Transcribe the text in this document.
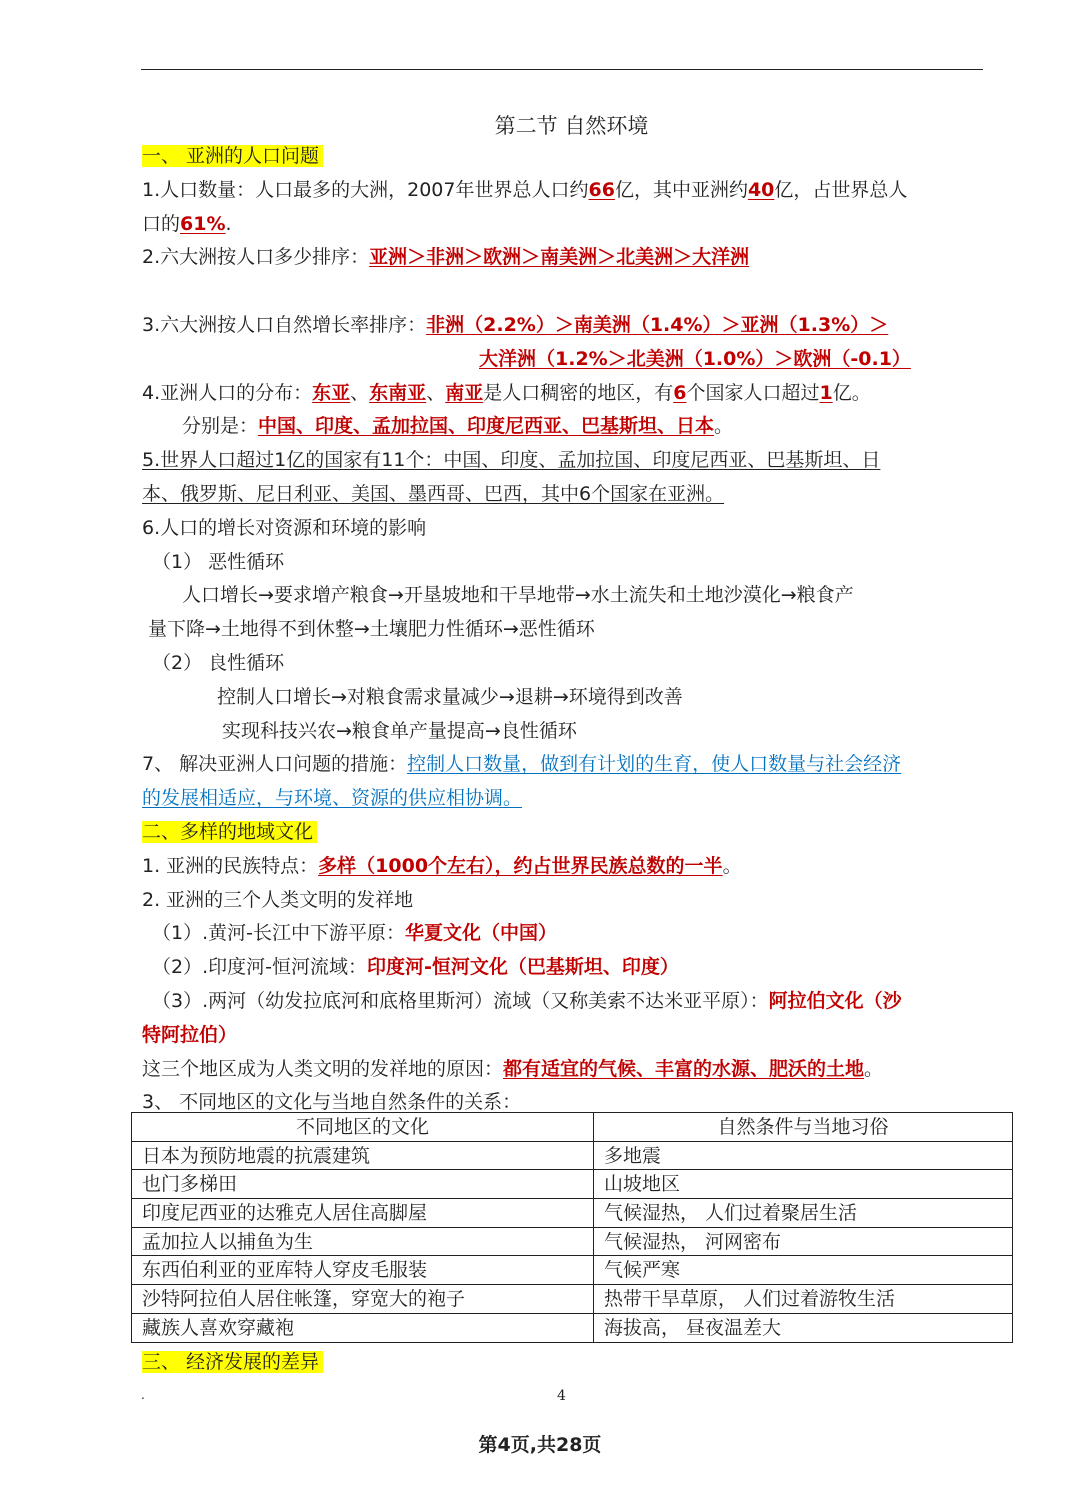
第二节 自然环境
一、 亚洲的人口问题
1.人口数量：人口最多的大洲，2007年世界总人口约66亿，其中亚洲约40亿，占世界总人
口的61%.
2.六大洲按人口多少排序：亚洲＞非洲＞欧洲＞南美洲＞北美洲＞大洋洲
3.六大洲按人口自然增长率排序：非洲（2.2%）＞南美洲（1.4%）＞亚洲（1.3%）＞
大洋洲（1.2%＞北美洲（1.0%）＞欧洲（-0.1）
4.亚洲人口的分布：东亚、东南亚、南亚是人口稠密的地区，有6个国家人口超过1亿。
分别是：中国、印度、孟加拉国、印度尼西亚、巴基斯坦、日本。
5.世界人口超过1亿的国家有11个：中国、印度、孟加拉国、印度尼西亚、巴基斯坦、日
本、俄罗斯、尼日利亚、美国、墨西哥、巴西，其中6个国家在亚洲。
6.人口的增长对资源和环境的影响
（1） 恶性循环
人口增长→要求增产粮食→开垦坡地和干旱地带→水土流失和土地沙漠化→粮食产
量下降→土地得不到休整→土壤肥力性循环→恶性循环
（2） 良性循环
控制人口增长→对粮食需求量减少→退耕→环境得到改善
实现科技兴农→粮食单产量提高→良性循环
7、 解决亚洲人口问题的措施：控制人口数量，做到有计划的生育，使人口数量与社会经济
的发展相适应，与环境、资源的供应相协调。
二、多样的地域文化
1. 亚洲的民族特点：多样（1000个左右），约占世界民族总数的一半。
2. 亚洲的三个人类文明的发祥地
（1）.黄河-长江中下游平原：华夏文化（中国）
（2）.印度河-恒河流域：印度河-恒河文化（巴基斯坦、印度）
（3）.两河（幼发拉底河和底格里斯河）流域（又称美索不达米亚平原）：阿拉伯文化（沙
特阿拉伯）
这三个地区成为人类文明的发祥地的原因：都有适宜的气候、丰富的水源、肥沃的土地。
3、 不同地区的文化与当地自然条件的关系：
不同地区的文化	自然条件与当地习俗
日本为预防地震的抗震建筑	多地震
也门多梯田	山坡地区
印度尼西亚的达雅克人居住高脚屋	气候湿热， 人们过着聚居生活
孟加拉人以捕鱼为生	气候湿热， 河网密布
东西伯利亚的亚库特人穿皮毛服装	气候严寒
沙特阿拉伯人居住帐篷，穿宽大的袍子	热带干旱草原， 人们过着游牧生活
藏族人喜欢穿藏袍	海拔高， 昼夜温差大
三、 经济发展的差异
.	4
第4页,共28页
